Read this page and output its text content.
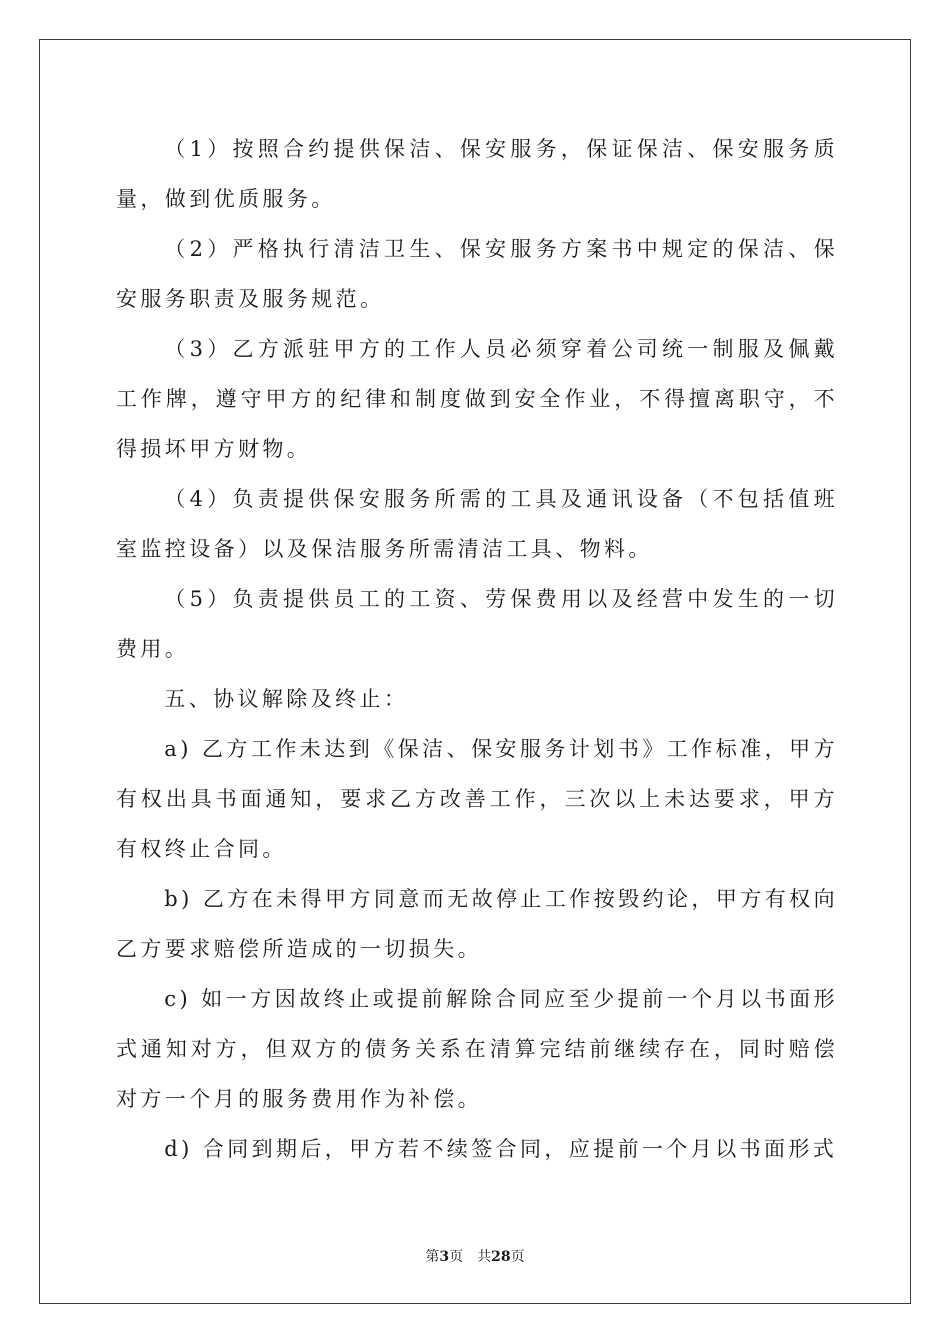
（1）按照合约提供保洁、保安服务，保证保洁、保安服务质量，做到优质服务。

（2）严格执行清洁卫生、保安服务方案书中规定的保洁、保安服务职责及服务规范。

（3）乙方派驻甲方的工作人员必须穿着公司统一制服及佩戴工作牌，遵守甲方的纪律和制度做到安全作业，不得擅离职守，不得损坏甲方财物。

（4）负责提供保安服务所需的工具及通讯设备（不包括值班室监控设备）以及保洁服务所需清洁工具、物料。

（5）负责提供员工的工资、劳保费用以及经营中发生的一切费用。

五、协议解除及终止：

a) 乙方工作未达到《保洁、保安服务计划书》工作标准，甲方有权出具书面通知，要求乙方改善工作，三次以上未达要求，甲方有权终止合同。

b) 乙方在未得甲方同意而无故停止工作按毁约论，甲方有权向乙方要求赔偿所造成的一切损失。

c) 如一方因故终止或提前解除合同应至少提前一个月以书面形式通知对方，但双方的债务关系在清算完结前继续存在，同时赔偿对方一个月的服务费用作为补偿。

d) 合同到期后，甲方若不续签合同，应提前一个月以书面形式

第3页 共28页
